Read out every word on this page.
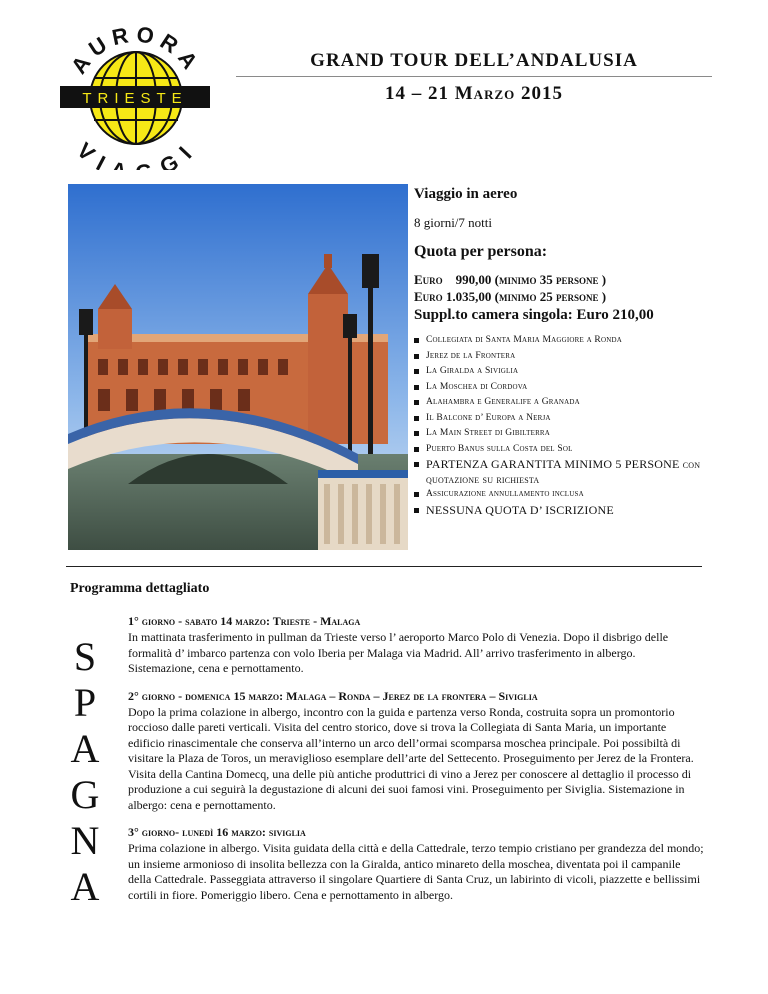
AURORA
TRIESTE
VI GI
GRAND TOUR DELL’ANDALUSIA
14 – 21 Marzo 2015

Viaggio in aereo

8 giorni/7 notti

Quota per persona:

Euro    990,00 (minimo 35 persone )

Euro 1.035,00 (minimo 25 persone )

Suppl.to camera singola: Euro 210,00

Collegiata di Santa Maria Maggiore a Ronda
Jerez de la Frontera
La Giralda a Siviglia
La Moschea di Cordova
Alahambra e Generalife a Granada
Il Balcone d’ Europa a Nerja
La Main Street di Gibilterra
Puerto Banus sulla Costa del Sol
PARTENZA GARANTITA MINIMO 5 PERSONE con quotazione su richiesta
Assicurazione annullamento inclusa
NESSUNA QUOTA D’ ISCRIZIONE
Programma dettagliato
S
P
A
G
N
A
1° giorno - sabato 14 marzo: Trieste - Malaga

In mattinata trasferimento in pullman da Trieste verso l’ aeroporto Marco Polo di Venezia. Dopo il disbrigo delle formalità d’ imbarco partenza con volo Iberia per Malaga via Madrid. All’ arrivo trasferimento in albergo. Sistemazione, cena e pernottamento.

2° giorno - domenica 15 marzo: Malaga – Ronda – Jerez de la frontera – Siviglia

Dopo la prima colazione in albergo, incontro con la guida e partenza verso Ronda, costruita sopra un promontorio roccioso dalle pareti verticali. Visita del centro storico, dove si trova la Collegiata di Santa Maria, un importante edificio rinascimentale che conserva all’interno un arco dell’ormai scomparsa moschea principale. Poi possibiltà di visitare la Plaza de Toros, un meraviglioso esemplare dell’arte del Settecento. Proseguimento per Jerez de la Frontera. Visita della Cantina Domecq, una delle più antiche produttrici di vino a Jerez per conoscere al dettaglio il processo di produzione a cui seguirà la degustazione di alcuni dei suoi famosi vini. Proseguimento per Siviglia. Sistemazione in albergo: cena e pernottamento.

3° giorno- lunedì 16 marzo: siviglia

Prima colazione in albergo. Visita guidata della città e della Cattedrale, terzo tempio cristiano per grandezza del mondo; un insieme armonioso di insolita bellezza con la Giralda, antico minareto della moschea, diventata poi il campanile della Cattedrale. Passeggiata attraverso il singolare Quartiere di Santa Cruz, un labirinto di vicoli, piazzette e bellissimi cortili in fiore. Pomeriggio libero. Cena e pernottamento in albergo.
